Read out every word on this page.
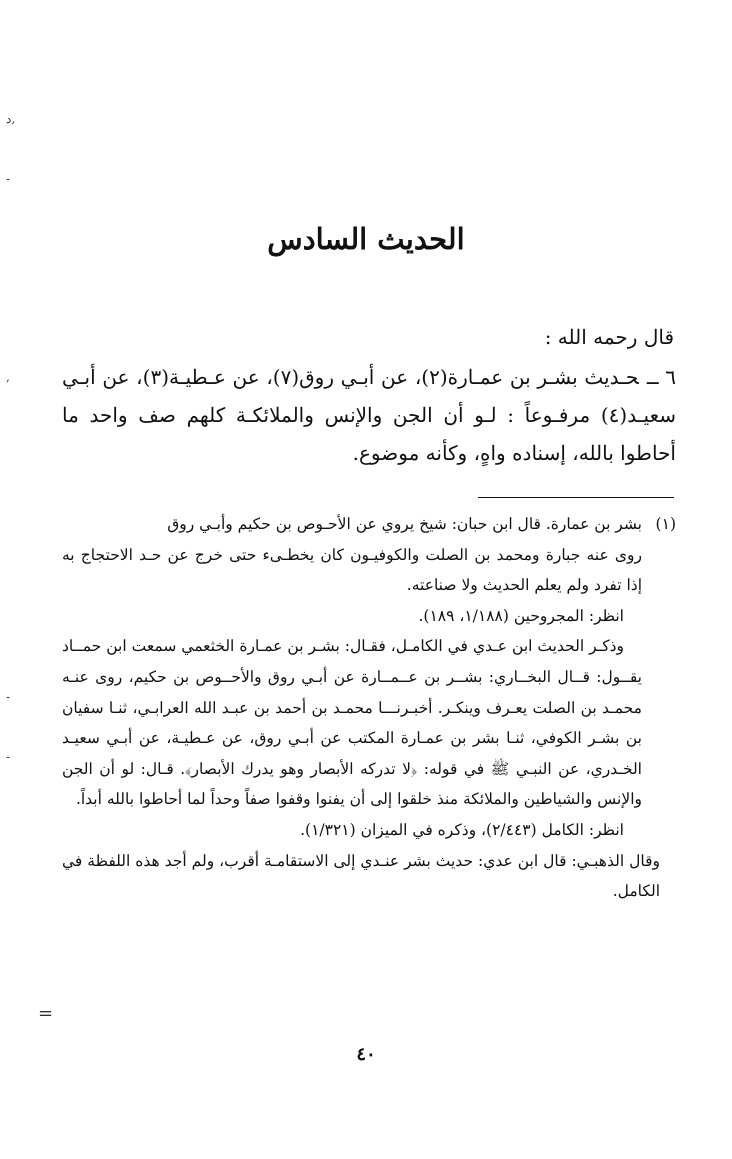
د,
-
,
-
-
=
الحديث السادس

قال رحمه الله :

٦ ــحـديث بشـر بن عمـارة(٢)، عن أبـي روق(٧)، عن عـطيـة(٣)، عن أبـي سعيـد(٤) مرفـوعاً : لـو أن الجن والإنس والملائكـة كلهم صف واحد ما أحاطوا بالله، إسناده واهٍ، وكأنه موضوع.

(١)
بشر بن عمارة. قال ابن حبان: شيخ يروي عن الأحـوص بن حكيم وأبـي روق

روى عنه جبارة ومحمد بن الصلت والكوفيـون كان يخطـىء حتى خرج عن حـد الاحتجاج به إذا تفرد ولم يعلم الحديث ولا صناعته.

انظر: المجروحين (١/١٨٨، ١٨٩).

وذكـر الحديث ابن عـدي في الكامـل، فقـال: بشـر بن عمـارة الخثعمي سمعت ابن حمــاد يقــول: قــال البخــاري: بشــر بن عــمــارة عن أبـي روق والأحــوص بن حكيم، روى عنـه محمـد بن الصلت يعـرف وينكـر. أخبـرنـــا محمـد بن أحمد بن عبـد الله العرابـي، ثنـا سفيان بن بشـر الكوفي، ثنـا بشر بن عمـارة المكتب عن أبـي روق، عن عـطيـة، عن أبـي سعيـد الخـدري، عن النبـي ﷺ في قوله: ﴿لا تدركه الأبصار وهو يدرك الأبصار﴾. قـال: لو أن الجن والإنس والشياطين والملائكة منذ خلقوا إلى أن يفنوا وقفوا صفاً وحداً لما أحاطوا بالله أبداً.

انظر: الكامل (٢/٤٤٣)، وذكره في الميزان (١/٣٢١).

وقال الذهبـي: قال ابن عدي: حديث بشر عنـدي إلى الاستقامـة أقرب، ولم أجد هذه اللفظة في الكامل.

٤٠
